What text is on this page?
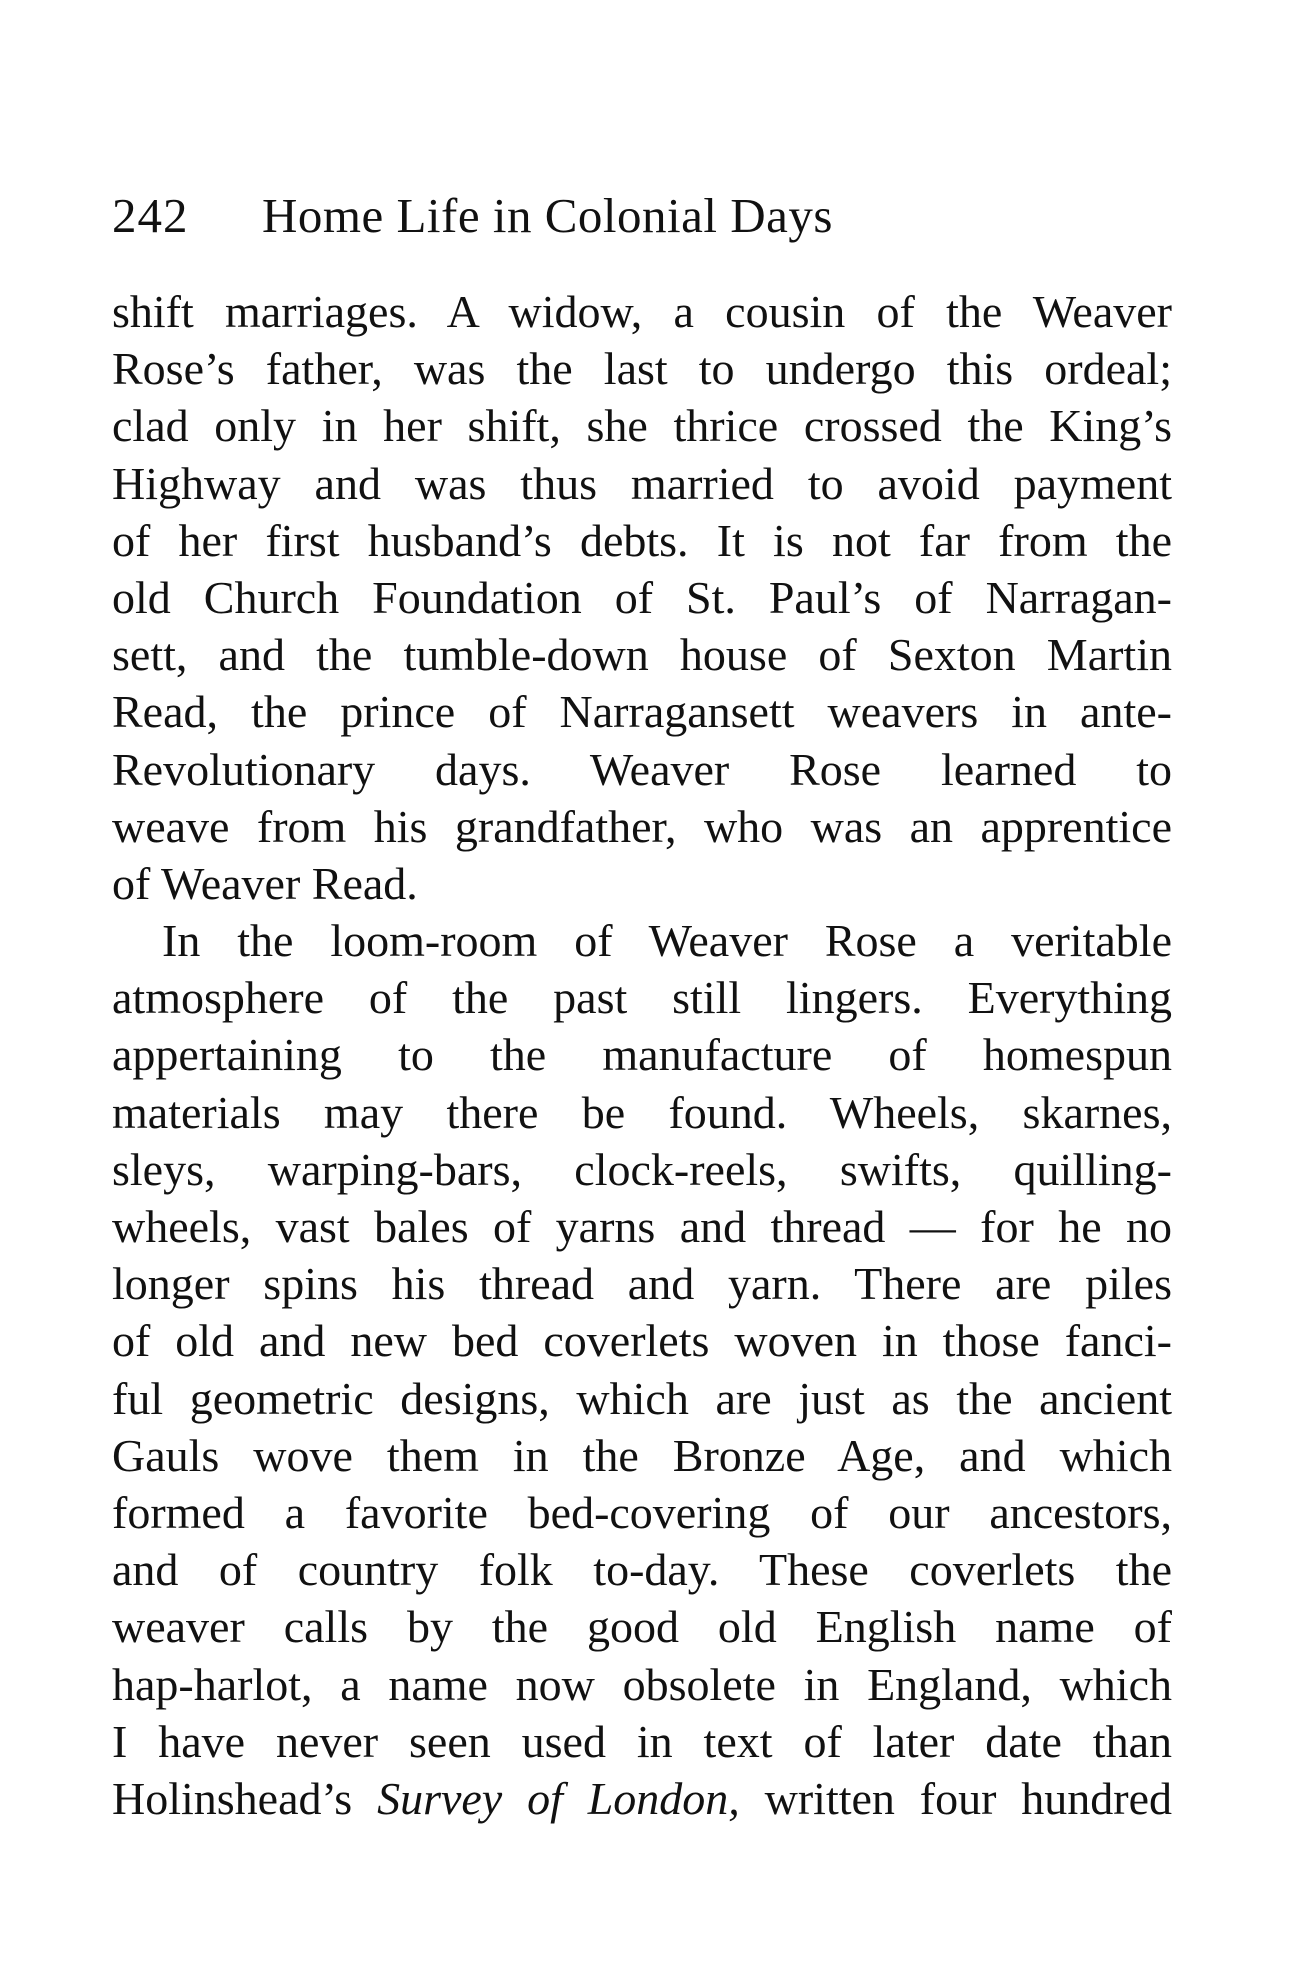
242 Home Life in Colonial Days
shift marriages. A widow, a cousin of the Weaver
Rose’s father, was the last to undergo this ordeal;
clad only in her shift, she thrice crossed the King’s
Highway and was thus married to avoid payment
of her first husband’s debts. It is not far from the
old Church Foundation of St. Paul’s of Narragan-
sett, and the tumble-down house of Sexton Martin
Read, the prince of Narragansett weavers in ante-
Revolutionary days. Weaver Rose learned to
weave from his grandfather, who was an apprentice
of Weaver Read.
In the loom-room of Weaver Rose a veritable
atmosphere of the past still lingers. Everything
appertaining to the manufacture of homespun
materials may there be found. Wheels, skarnes,
sleys, warping-bars, clock-reels, swifts, quilling-
wheels, vast bales of yarns and thread — for he no
longer spins his thread and yarn. There are piles
of old and new bed coverlets woven in those fanci-
ful geometric designs, which are just as the ancient
Gauls wove them in the Bronze Age, and which
formed a favorite bed-covering of our ancestors,
and of country folk to-day. These coverlets the
weaver calls by the good old English name of
hap-harlot, a name now obsolete in England, which
I have never seen used in text of later date than
Holinshead’s Survey of London, written four hundred
